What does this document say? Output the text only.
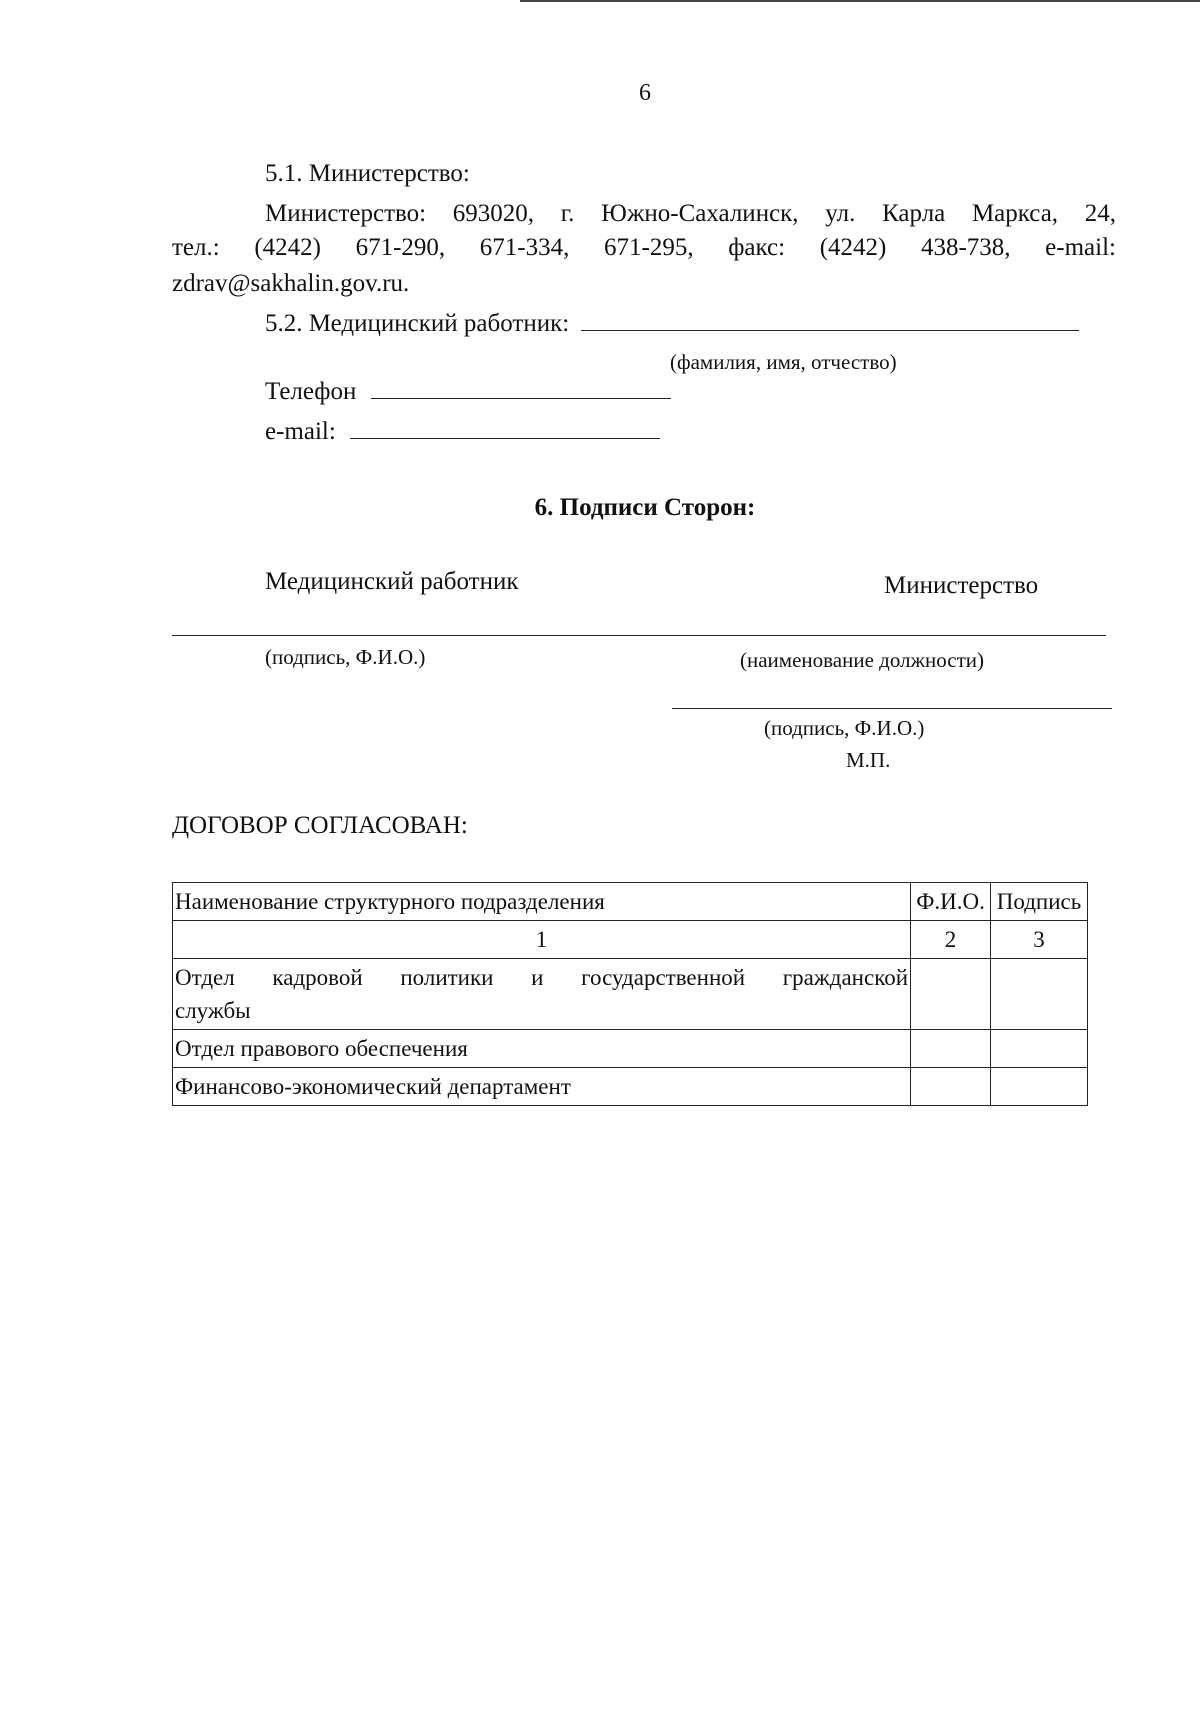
6
5.1. Министерство:
Министерство: 693020, г. Южно-Сахалинск, ул. Карла Маркса, 24,
тел.: (4242) 671-290, 671-334, 671-295, факс: (4242) 438-738, e-mail:
zdrav@sakhalin.gov.ru.
5.2. Медицинский работник:
(фамилия, имя, отчество)
Телефон
e-mail:
6. Подписи Сторон:
Медицинский работник	Министерство
(подпись, Ф.И.О.)	(наименование должности)
(подпись, Ф.И.О.)
М.П.
ДОГОВОР СОГЛАСОВАН:
Наименование структурного подразделения	Ф.И.О.	Подпись
1	2	3

Отдел кадровой политики и государственной гражданской
службы		
Отдел правового обеспечения		
Финансово-экономический департамент		
